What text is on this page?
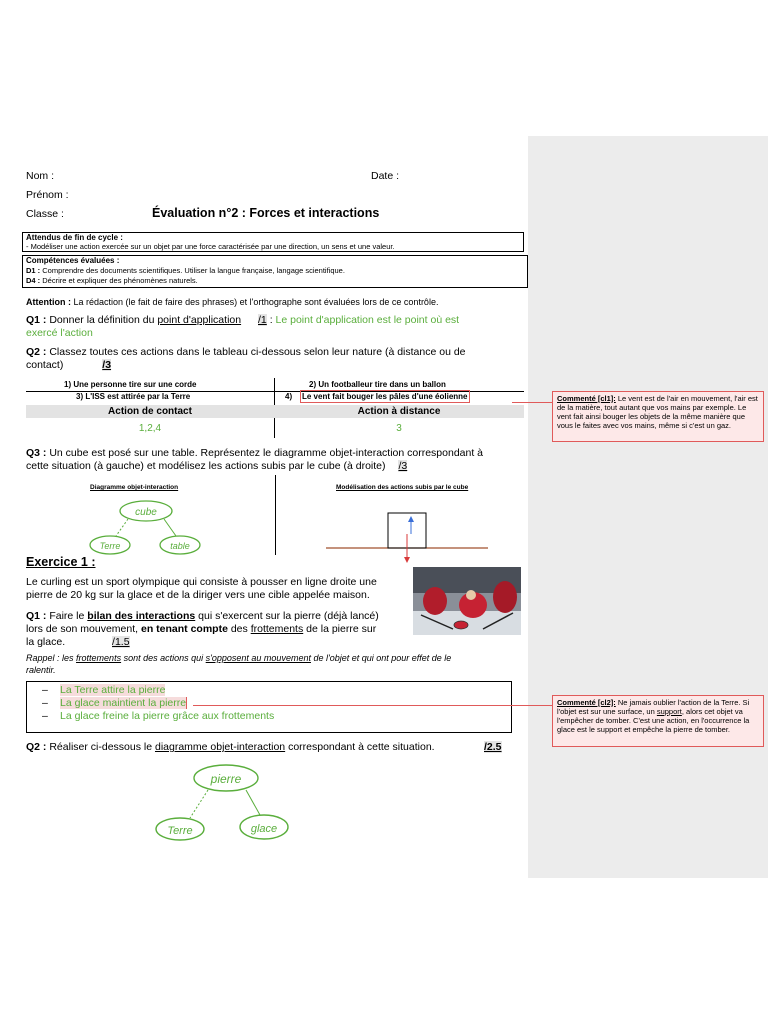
Nom :	Date :
Prénom :
Classe :	Évaluation n°2 : Forces et interactions
Attendus de fin de cycle :
- Modéliser une action exercée sur un objet par une force caractérisée par une direction, un sens et une valeur.
Compétences évaluées :
D1 : Comprendre des documents scientifiques. Utiliser la langue française, langage scientifique.
D4 : Décrire et expliquer des phénomènes naturels.
Attention : La rédaction (le fait de faire des phrases) et l'orthographe sont évaluées lors de ce contrôle.
Q1 : Donner la définition du point d'application /1 : Le point d'application est le point où est
exercé l'action
Q2 : Classez toutes ces actions dans le tableau ci-dessous selon leur nature (à distance ou de
contact)	/3
1) Une personne tire sur une corde	2) Un footballeur tire dans un ballon
3) L'ISS est attirée par la Terre	4) Le vent fait bouger les pâles d'une éolienne
Action de contact	Action à distance
1,2,4	3
Q3 : Un cube est posé sur une table. Représentez le diagramme objet-interaction correspondant à
cette situation (à gauche) et modélisez les actions subis par le cube (à droite) /3
Diagramme objet-interaction	Modélisation des actions subis par le cube
cube
Terre	table
Exercice 1 :
Le curling est un sport olympique qui consiste à pousser en ligne droite une
pierre de 20 kg sur la glace et de la diriger vers une cible appelée maison.
Q1 : Faire le bilan des interactions qui s'exercent sur la pierre (déjà lancé)
lors de son mouvement, en tenant compte des frottements de la pierre sur
la glace.	/1.5
Rappel : les frottements sont des actions qui s'opposent au mouvement de l'objet et qui ont pour effet de le
ralentir.
– La Terre attire la pierre
– La glace maintient la pierre
– La glace freine la pierre grâce aux frottements
Q2 : Réaliser ci-dessous le diagramme objet-interaction correspondant à cette situation.	/2.5
pierre
Terre	glace
Commenté [cl1]: Le vent est de l'air en mouvement, l'air est de la matière, tout autant que vos mains par exemple. Le vent fait ainsi bouger les objets de la même manière que vous le faites avec vos mains, même si c'est un gaz.
Commenté [cl2]: Ne jamais oublier l'action de la Terre. Si l'objet est sur une surface, un support, alors cet objet va l'empêcher de tomber. C'est une action, en l'occurrence la glace est le support et empêche la pierre de tomber.
